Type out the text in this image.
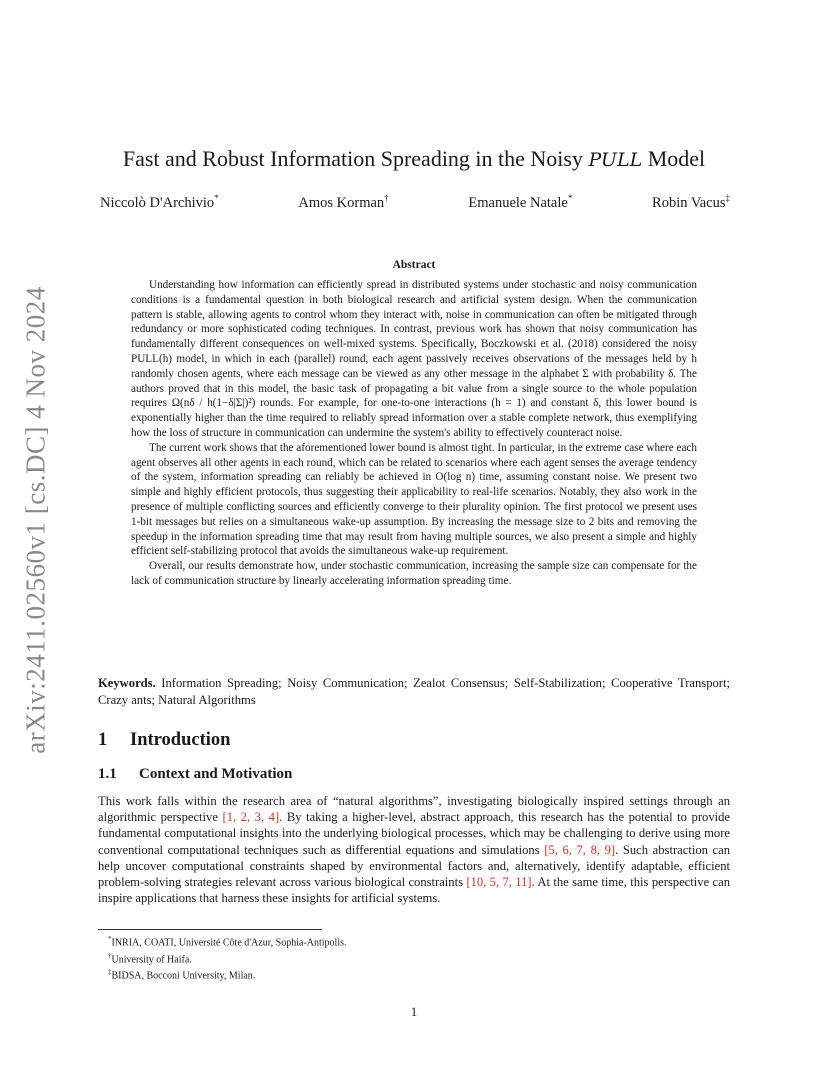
arXiv:2411.02560v1 [cs.DC] 4 Nov 2024
Fast and Robust Information Spreading in the Noisy PULL Model
Niccolò D'Archivio*	Amos Korman†	Emanuele Natale*	Robin Vacus‡
Abstract

Understanding how information can efficiently spread in distributed systems under stochastic and noisy communication conditions is a fundamental question in both biological research and artificial system design. When the communication pattern is stable, allowing agents to control whom they interact with, noise in communication can often be mitigated through redundancy or more sophisticated coding techniques. In contrast, previous work has shown that noisy communication has fundamentally different consequences on well-mixed systems. Specifically, Boczkowski et al. (2018) considered the noisy PULL(h) model, in which in each (parallel) round, each agent passively receives observations of the messages held by h randomly chosen agents, where each message can be viewed as any other message in the alphabet Σ with probability δ. The authors proved that in this model, the basic task of propagating a bit value from a single source to the whole population requires Ω(nδ / h(1−δ|Σ|)²) rounds. For example, for one-to-one interactions (h = 1) and constant δ, this lower bound is exponentially higher than the time required to reliably spread information over a stable complete network, thus exemplifying how the loss of structure in communication can undermine the system's ability to effectively counteract noise.

The current work shows that the aforementioned lower bound is almost tight. In particular, in the extreme case where each agent observes all other agents in each round, which can be related to scenarios where each agent senses the average tendency of the system, information spreading can reliably be achieved in O(log n) time, assuming constant noise. We present two simple and highly efficient protocols, thus suggesting their applicability to real-life scenarios. Notably, they also work in the presence of multiple conflicting sources and efficiently converge to their plurality opinion. The first protocol we present uses 1-bit messages but relies on a simultaneous wake-up assumption. By increasing the message size to 2 bits and removing the speedup in the information spreading time that may result from having multiple sources, we also present a simple and highly efficient self-stabilizing protocol that avoids the simultaneous wake-up requirement.

Overall, our results demonstrate how, under stochastic communication, increasing the sample size can compensate for the lack of communication structure by linearly accelerating information spreading time.

Keywords. Information Spreading; Noisy Communication; Zealot Consensus; Self-Stabilization; Cooperative Transport; Crazy ants; Natural Algorithms
1 Introduction
1.1 Context and Motivation

This work falls within the research area of “natural algorithms”, investigating biologically inspired settings through an algorithmic perspective [1, 2, 3, 4]. By taking a higher-level, abstract approach, this research has the potential to provide fundamental computational insights into the underlying biological processes, which may be challenging to derive using more conventional computational techniques such as differential equations and simulations [5, 6, 7, 8, 9]. Such abstraction can help uncover computational constraints shaped by environmental factors and, alternatively, identify adaptable, efficient problem-solving strategies relevant across various biological constraints [10, 5, 7, 11]. At the same time, this perspective can inspire applications that harness these insights for artificial systems.

*INRIA, COATI, Université Côte d'Azur, Sophia-Antipolis.
†University of Haifa.
‡BIDSA, Bocconi University, Milan.
1
